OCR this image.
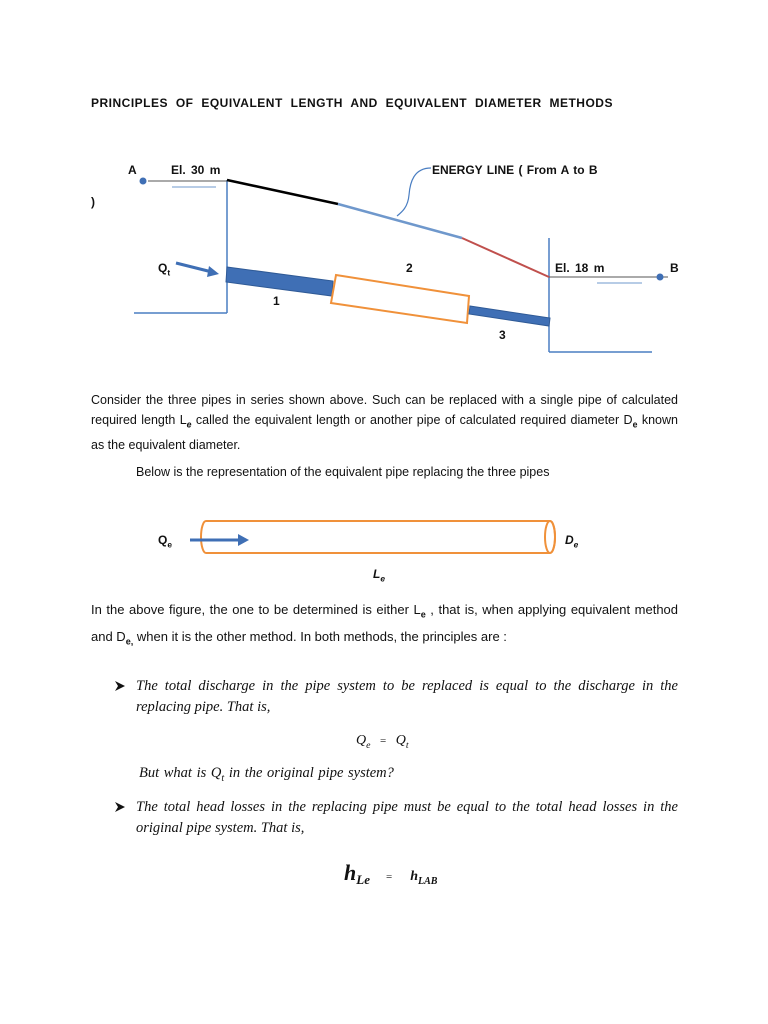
PRINCIPLES OF EQUIVALENT LENGTH AND EQUIVALENT DIAMETER METHODS
A	El. 30 m	ENERGY LINE ( From A to B
)
$Q_t$	2	El. 18 m	B
1
3
Consider the three pipes in series shown above. Such can be replaced with a single pipe of calculated required length $L_e$ called the equivalent length or another pipe of calculated required diameter $D_e$ known as the equivalent diameter.
Below is the representation of the equivalent pipe replacing the three pipes
$Q_e$	$D_e$
$L_e$
In the above figure, the one to be determined is either $L_e$ , that is, when applying equivalent method and $D_{e,}$ when it is the other method. In both methods, the principles are :
The total discharge in the pipe system to be replaced is equal to the discharge in the replacing pipe. That is,
$Q_e = Q_t$
But what is $Q_t$ in the original pipe system?
The total head losses in the replacing pipe must be equal to the total head losses in the original pipe system. That is,
$h_{Le} = h_{LAB}$
